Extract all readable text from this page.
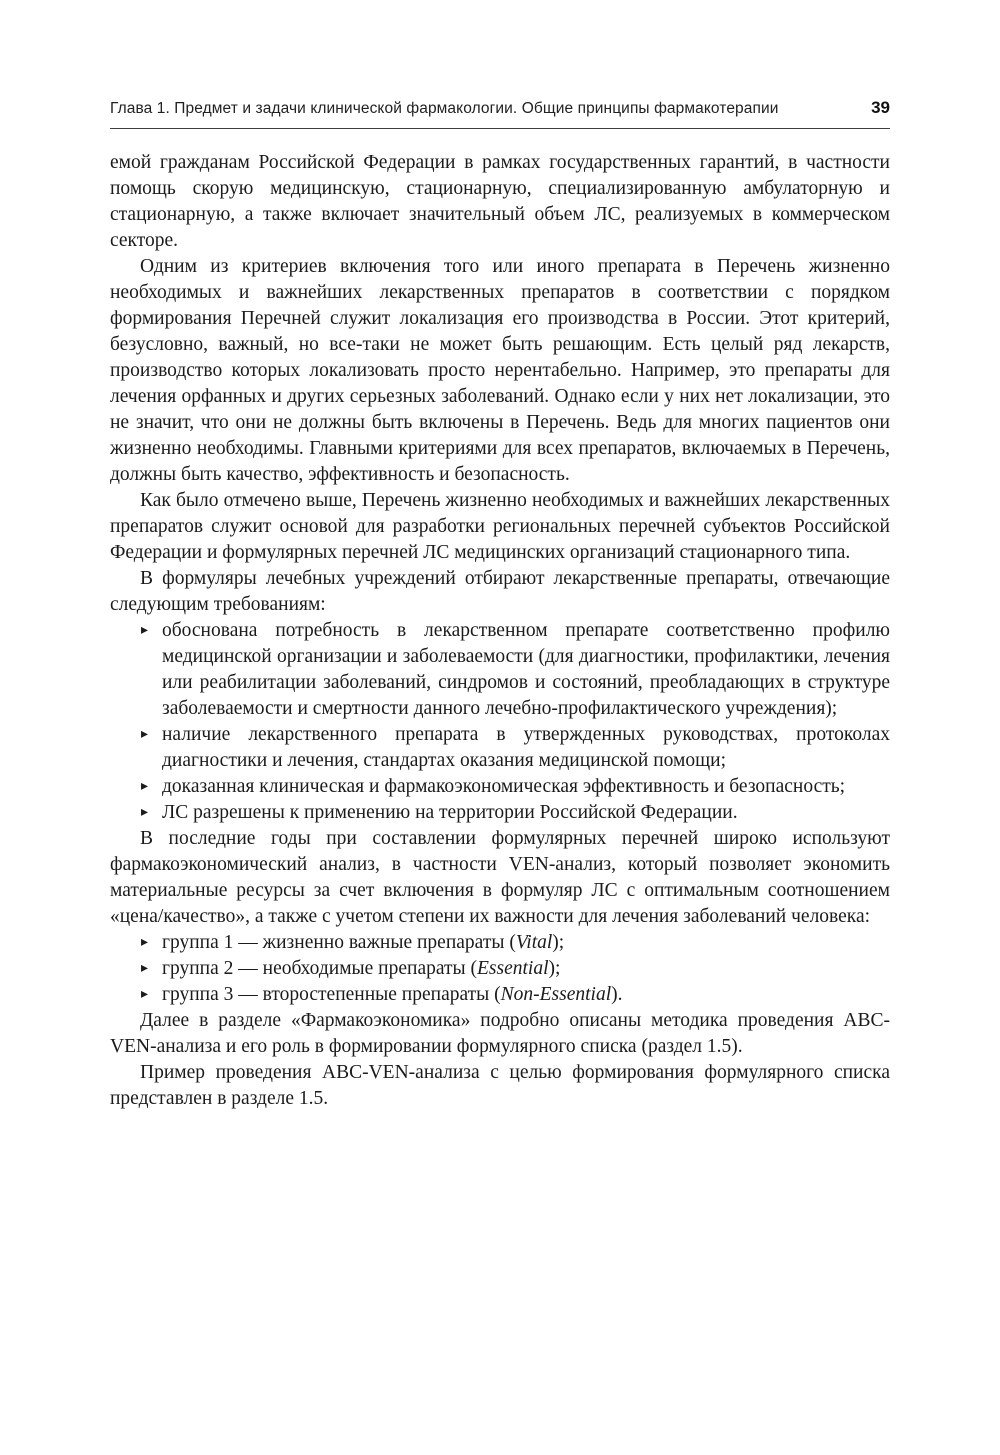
Глава 1. Предмет и задачи клинической фармакологии. Общие принципы фармакотерапии	39

емой гражданам Российской Федерации в рамках государственных гарантий, в частности помощь скорую медицинскую, стационарную, специализированную амбулаторную и стационарную, а также включает значительный объем ЛС, реализуемых в коммерческом секторе.

Одним из критериев включения того или иного препарата в Перечень жизненно необходимых и важнейших лекарственных препаратов в соответствии с порядком формирования Перечней служит локализация его производства в России. Этот критерий, безусловно, важный, но все-таки не может быть решающим. Есть целый ряд лекарств, производство которых локализовать просто нерентабельно. Например, это препараты для лечения орфанных и других серьезных заболеваний. Однако если у них нет локализации, это не значит, что они не должны быть включены в Перечень. Ведь для многих пациентов они жизненно необходимы. Главными критериями для всех препаратов, включаемых в Перечень, должны быть качество, эффективность и безопасность.

Как было отмечено выше, Перечень жизненно необходимых и важнейших лекарственных препаратов служит основой для разработки региональных перечней субъектов Российской Федерации и формулярных перечней ЛС медицинских организаций стационарного типа.

В формуляры лечебных учреждений отбирают лекарственные препараты, отвечающие следующим требованиям:

▸ обоснована потребность в лекарственном препарате соответственно профилю медицинской организации и заболеваемости (для диагностики, профилактики, лечения или реабилитации заболеваний, синдромов и состояний, преобладающих в структуре заболеваемости и смертности данного лечебно-профилактического учреждения);
▸ наличие лекарственного препарата в утвержденных руководствах, протоколах диагностики и лечения, стандартах оказания медицинской помощи;
▸ доказанная клиническая и фармакоэкономическая эффективность и безопасность;
▸ ЛС разрешены к применению на территории Российской Федерации.

В последние годы при составлении формулярных перечней широко используют фармакоэкономический анализ, в частности VEN-анализ, который позволяет экономить материальные ресурсы за счет включения в формуляр ЛС с оптимальным соотношением «цена/качество», а также с учетом степени их важности для лечения заболеваний человека:

▸ группа 1 — жизненно важные препараты (Vital);
▸ группа 2 — необходимые препараты (Essential);
▸ группа 3 — второстепенные препараты (Non-Essential).

Далее в разделе «Фармакоэкономика» подробно описаны методика проведения ABC-VEN-анализа и его роль в формировании формулярного списка (раздел 1.5).

Пример проведения ABC-VEN-анализа с целью формирования формулярного списка представлен в разделе 1.5.
